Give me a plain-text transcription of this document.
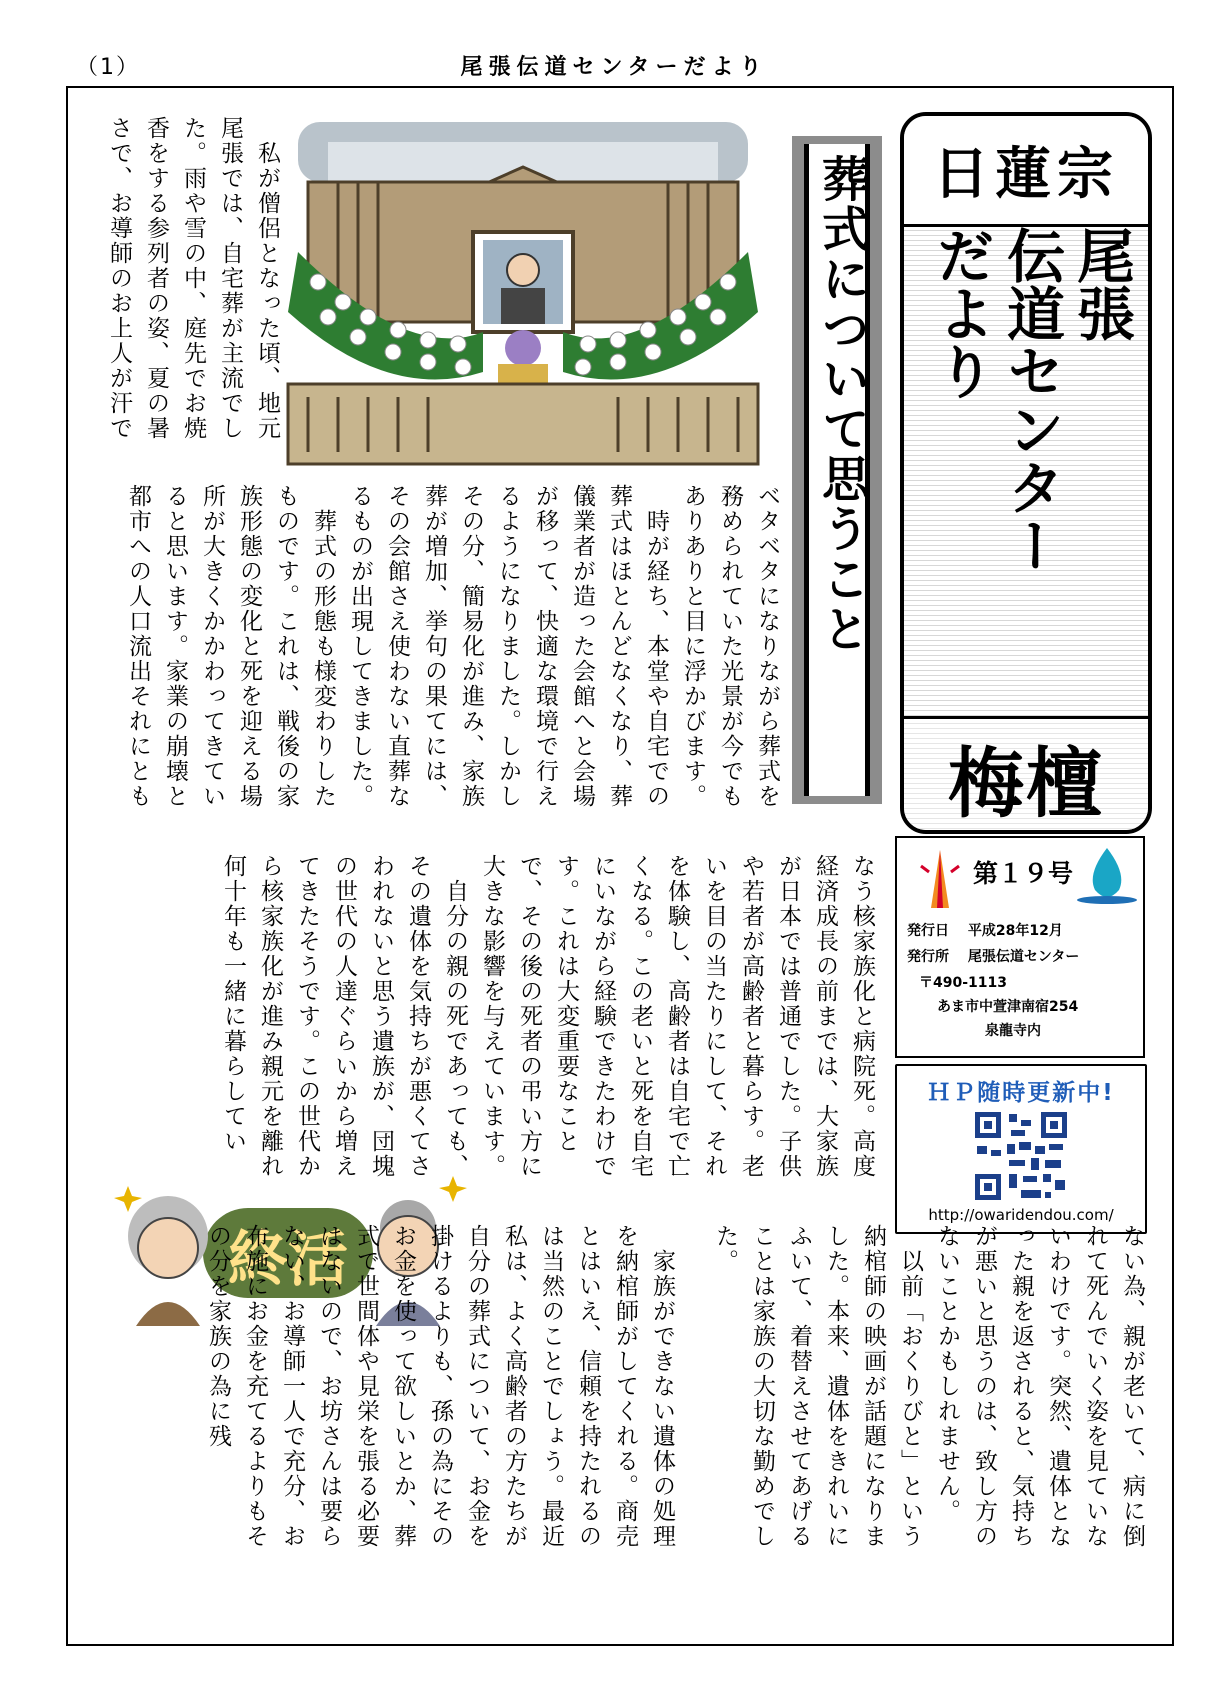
（1）	尾張伝道センターだより
日蓮宗
尾張
伝道センター
だより
梅檀
葬式について思うこと
終活

　私が僧侶となった頃、地元尾張では、自宅葬が主流でした。雨や雪の中、庭先でお焼香をする参列者の姿、夏の暑さで、お導師のお上人が汗で

ベタベタになりながら葬式を務められていた光景が今でもありありと目に浮かびます。
　時が経ち、本堂や自宅での葬式はほとんどなくなり、葬儀業者が造った会館へと会場が移って、快適な環境で行えるようになりました。しかしその分、簡易化が進み、家族葬が増加、挙句の果てには、その会館さえ使わない直葬なるものが出現してきました。
　葬式の形態も様変わりしたものです。これは、戦後の家族形態の変化と死を迎える場所が大きくかかわってきていると思います。家業の崩壊と都市への人口流出それにとも

なう核家族化と病院死。高度経済成長の前までは、大家族が日本では普通でした。子供や若者が高齢者と暮らす。老いを目の当たりにして、それを体験し、高齢者は自宅で亡くなる。この老いと死を自宅にいながら経験できたわけです。これは大変重要なことで、その後の死者の弔い方に大きな影響を与えています。
　自分の親の死であっても、その遺体を気持ちが悪くてさわれないと思う遺族が、団塊の世代の人達ぐらいから増えてきたそうです。この世代から核家族化が進み親元を離れ何十年も一緒に暮らしてい

ない為、親が老いて、病に倒れて死んでいく姿を見ていないわけです。突然、遺体となった親を返されると、気持ちが悪いと思うのは、致し方のないことかもしれません。
　以前「おくりびと」という納棺師の映画が話題になりました。本来、遺体をきれいにふいて、着替えさせてあげることは家族の大切な勤めでした。

　家族ができない遺体の処理を納棺師がしてくれる。商売とはいえ、信頼を持たれるのは当然のことでしょう。最近私は、よく高齢者の方たちが自分の葬式について、お金を掛けるよりも、孫の為にそのお金を使って欲しいとか、葬式で世間体や見栄を張る必要はないので、お坊さんは要らない、お導師一人で充分、お布施にお金を充てるよりもその分を家族の為に残

第１９号
発行日 平成28年12月
発行所 尾張伝道センター
〒490-1113
あま市中萱津南宿254
泉龍寺内
ＨＰ随時更新中!
http://owaridendou.com/
